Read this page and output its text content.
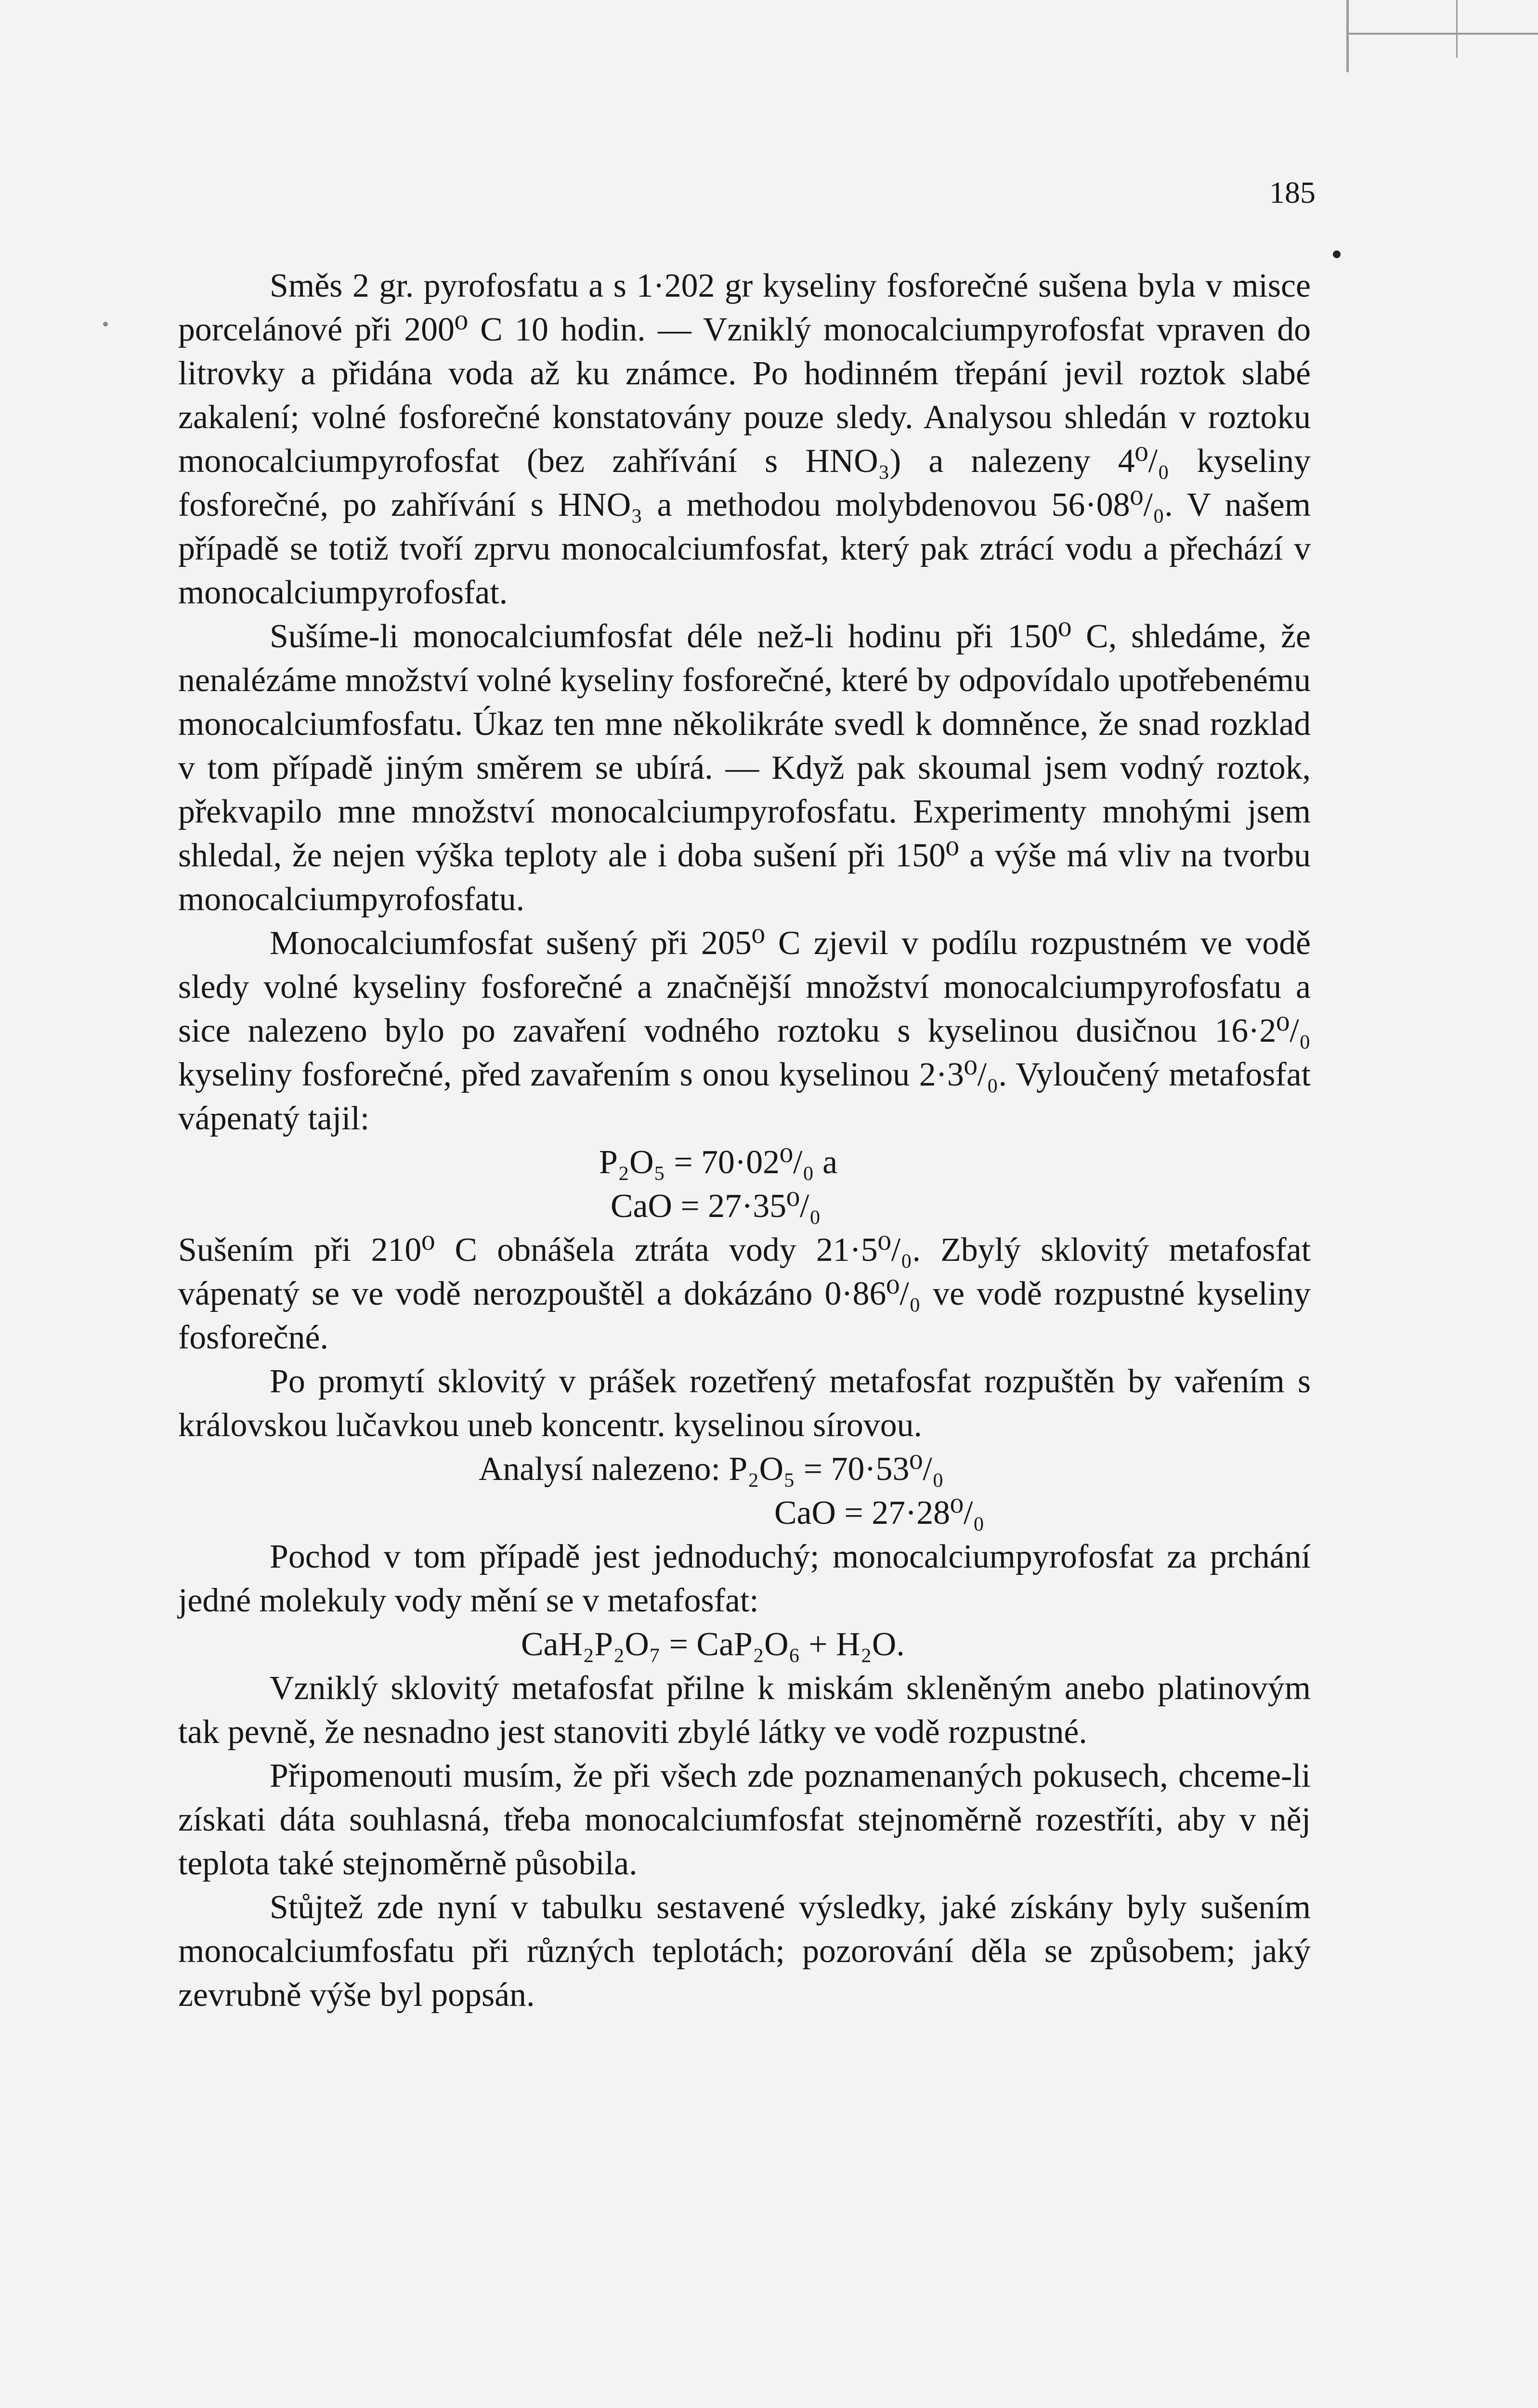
185

Směs 2 gr. pyrofosfatu a s 1·202 gr kyseliny fosforečné sušena byla v misce porcelánové při 200⁰ C 10 hodin. — Vzniklý monocalciumpyrofosfat vpraven do litrovky a přidána voda až ku známce. Po hodinném třepání jevil roztok slabé zakalení; volné fosforečné konstatovány pouze sledy. Analysou shledán v roztoku monocalciumpyrofosfat (bez zahřívání s HNO₃) a nalezeny 4⁰/₀ kyseliny fosforečné, po zahřívání s HNO₃ a methodou molybdenovou 56·08⁰/₀. V našem případě se totiž tvoří zprvu monocalciumfosfat, který pak ztrácí vodu a přechází v monocalciumpyrofosfat.

Sušíme-li monocalciumfosfat déle než-li hodinu při 150⁰ C, shledáme, že nenalézáme množství volné kyseliny fosforečné, které by odpovídalo upotřebenému monocalciumfosfatu. Úkaz ten mne několikráte svedl k domněnce, že snad rozklad v tom případě jiným směrem se ubírá. — Když pak skoumal jsem vodný roztok, překvapilo mne množství monocalciumpyrofosfatu. Experimenty mnohými jsem shledal, že nejen výška teploty ale i doba sušení při 150⁰ a výše má vliv na tvorbu monocalciumpyrofosfatu.

Monocalciumfosfat sušený při 205⁰ C zjevil v podílu rozpustném ve vodě sledy volné kyseliny fosforečné a značnější množství monocalciumpyrofosfatu a sice nalezeno bylo po zavaření vodného roztoku s kyselinou dusičnou 16·2⁰/₀ kyseliny fosforečné, před zavařením s onou kyselinou 2·3⁰/₀. Vyloučený metafosfat vápenatý tajil:

P₂O₅ = 70·02⁰/₀ a

CaO = 27·35⁰/₀

Sušením při 210⁰ C obnášela ztráta vody 21·5⁰/₀. Zbylý sklovitý metafosfat vápenatý se ve vodě nerozpouštěl a dokázáno 0·86⁰/₀ ve vodě rozpustné kyseliny fosforečné.

Po promytí sklovitý v prášek rozetřený metafosfat rozpuštěn by vařením s královskou lučavkou uneb koncentr. kyselinou sírovou.

Analysí nalezeno: P₂O₅ = 70·53⁰/₀

CaO = 27·28⁰/₀

Pochod v tom případě jest jednoduchý; monocalciumpyrofosfat za prchání jedné molekuly vody mění se v metafosfat:

CaH₂P₂O₇ = CaP₂O₆ + H₂O.

Vzniklý sklovitý metafosfat přilne k miskám skleněným anebo platinovým tak pevně, že nesnadno jest stanoviti zbylé látky ve vodě rozpustné.

Připomenouti musím, že při všech zde poznamenaných pokusech, chceme-li získati dáta souhlasná, třeba monocalciumfosfat stejnoměrně rozestříti, aby v něj teplota také stejnoměrně působila.

Stůjtež zde nyní v tabulku sestavené výsledky, jaké získány byly sušením monocalciumfosfatu při různých teplotách; pozorování děla se způsobem; jaký zevrubně výše byl popsán.
